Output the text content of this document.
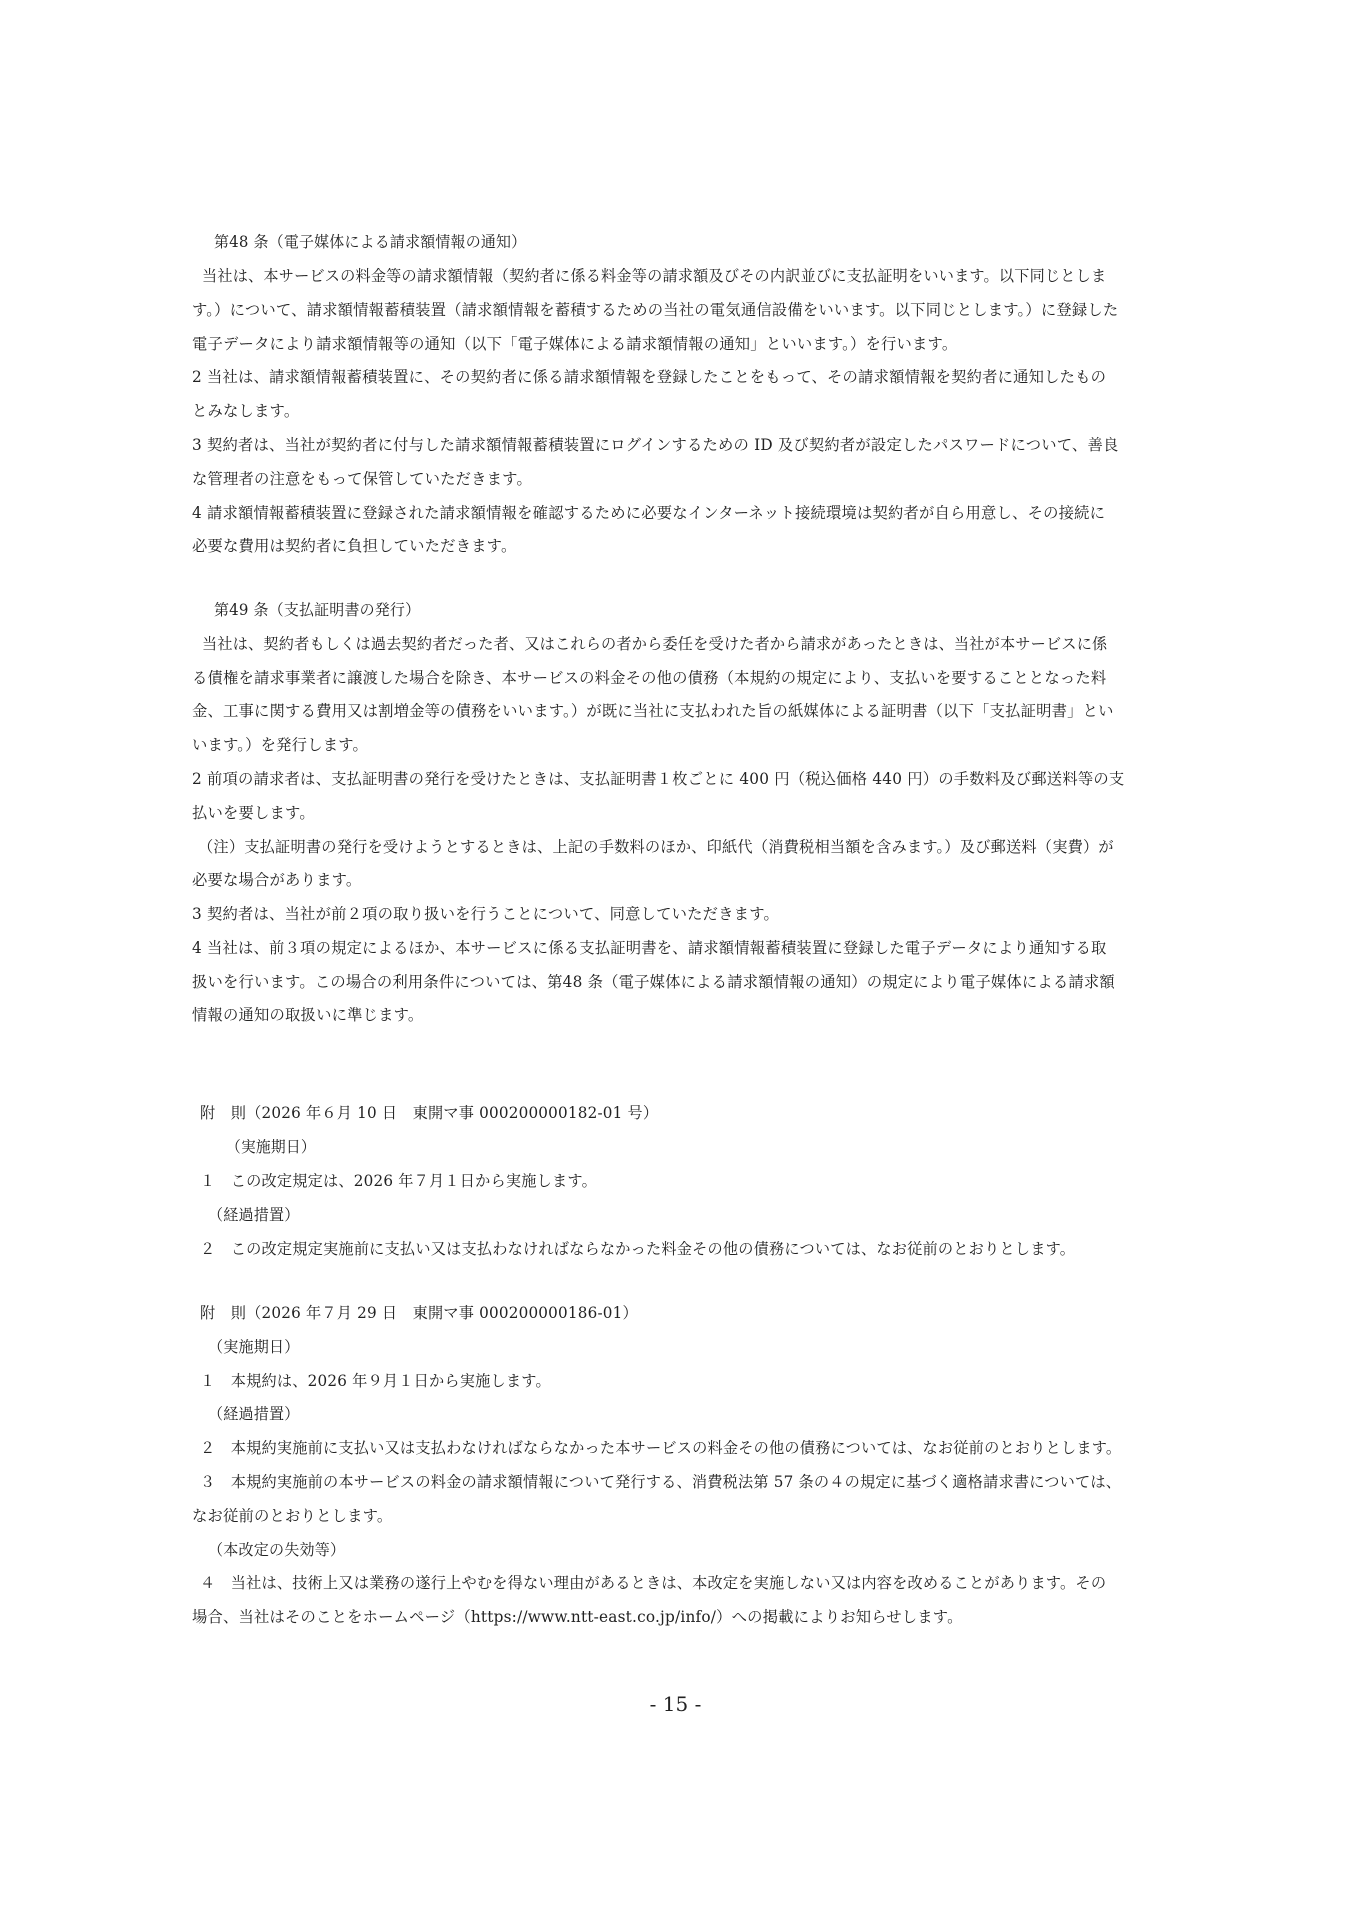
第48 条（電子媒体による請求額情報の通知）
当社は、本サービスの料金等の請求額情報（契約者に係る料金等の請求額及びその内訳並びに支払証明をいいます。以下同じとしま
す。）について、請求額情報蓄積装置（請求額情報を蓄積するための当社の電気通信設備をいいます。以下同じとします。）に登録した
電子データにより請求額情報等の通知（以下「電子媒体による請求額情報の通知」といいます。）を行います。
2 当社は、請求額情報蓄積装置に、その契約者に係る請求額情報を登録したことをもって、その請求額情報を契約者に通知したもの
とみなします。
3 契約者は、当社が契約者に付与した請求額情報蓄積装置にログインするための ID 及び契約者が設定したパスワードについて、善良
な管理者の注意をもって保管していただきます。
4 請求額情報蓄積装置に登録された請求額情報を確認するために必要なインターネット接続環境は契約者が自ら用意し、その接続に
必要な費用は契約者に負担していただきます。
第49 条（支払証明書の発行）
当社は、契約者もしくは過去契約者だった者、又はこれらの者から委任を受けた者から請求があったときは、当社が本サービスに係
る債権を請求事業者に譲渡した場合を除き、本サービスの料金その他の債務（本規約の規定により、支払いを要することとなった料
金、工事に関する費用又は割増金等の債務をいいます。）が既に当社に支払われた旨の紙媒体による証明書（以下「支払証明書」とい
います。）を発行します。
2 前項の請求者は、支払証明書の発行を受けたときは、支払証明書１枚ごとに 400 円（税込価格 440 円）の手数料及び郵送料等の支
払いを要します。
（注）支払証明書の発行を受けようとするときは、上記の手数料のほか、印紙代（消費税相当額を含みます。）及び郵送料（実費）が
必要な場合があります。
3 契約者は、当社が前２項の取り扱いを行うことについて、同意していただきます。
4 当社は、前３項の規定によるほか、本サービスに係る支払証明書を、請求額情報蓄積装置に登録した電子データにより通知する取
扱いを行います。この場合の利用条件については、第48 条（電子媒体による請求額情報の通知）の規定により電子媒体による請求額
情報の通知の取扱いに準じます。
附　則（2026 年６月 10 日　東開マ事 000200000182-01 号）
（実施期日）
１　この改定規定は、2026 年７月１日から実施します。
（経過措置）
２　この改定規定実施前に支払い又は支払わなければならなかった料金その他の債務については、なお従前のとおりとします。
附　則（2026 年７月 29 日　東開マ事 000200000186-01）
（実施期日）
１　本規約は、2026 年９月１日から実施します。
（経過措置）
２　本規約実施前に支払い又は支払わなければならなかった本サービスの料金その他の債務については、なお従前のとおりとします。
３　本規約実施前の本サービスの料金の請求額情報について発行する、消費税法第 57 条の４の規定に基づく適格請求書については、
なお従前のとおりとします。
（本改定の失効等）
４　当社は、技術上又は業務の遂行上やむを得ない理由があるときは、本改定を実施しない又は内容を改めることがあります。その
場合、当社はそのことをホームページ（https://www.ntt-east.co.jp/info/）への掲載によりお知らせします。
- 15 -
